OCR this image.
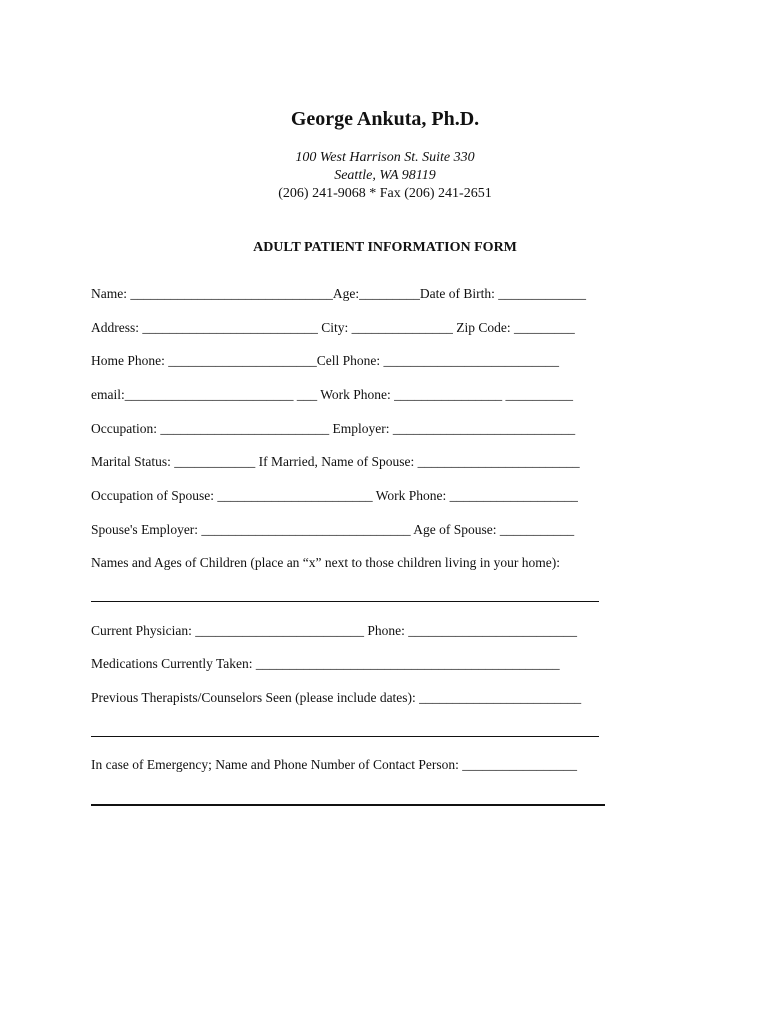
George Ankuta, Ph.D.
100 West Harrison St. Suite 330
Seattle, WA 98119
(206) 241-9068 * Fax (206) 241-2651
ADULT PATIENT INFORMATION FORM
Name: ______________________________Age:_________Date of Birth: _____________
Address: __________________________ City: _______________ Zip Code: _________
Home Phone: ______________________Cell Phone: __________________________
email:_________________________ ___ Work Phone: ________________ __________
Occupation: _________________________ Employer: ___________________________
Marital Status: ____________ If Married, Name of Spouse: ________________________
Occupation of Spouse: _______________________ Work Phone: ___________________
Spouse's Employer: _______________________________ Age of Spouse: ___________
Names and Ages of Children (place an “x” next to those children living in your home):
Current Physician: _________________________ Phone: _________________________
Medications Currently Taken: _____________________________________________
Previous Therapists/Counselors Seen (please include dates): ________________________
In case of Emergency; Name and Phone Number of Contact Person: _________________
